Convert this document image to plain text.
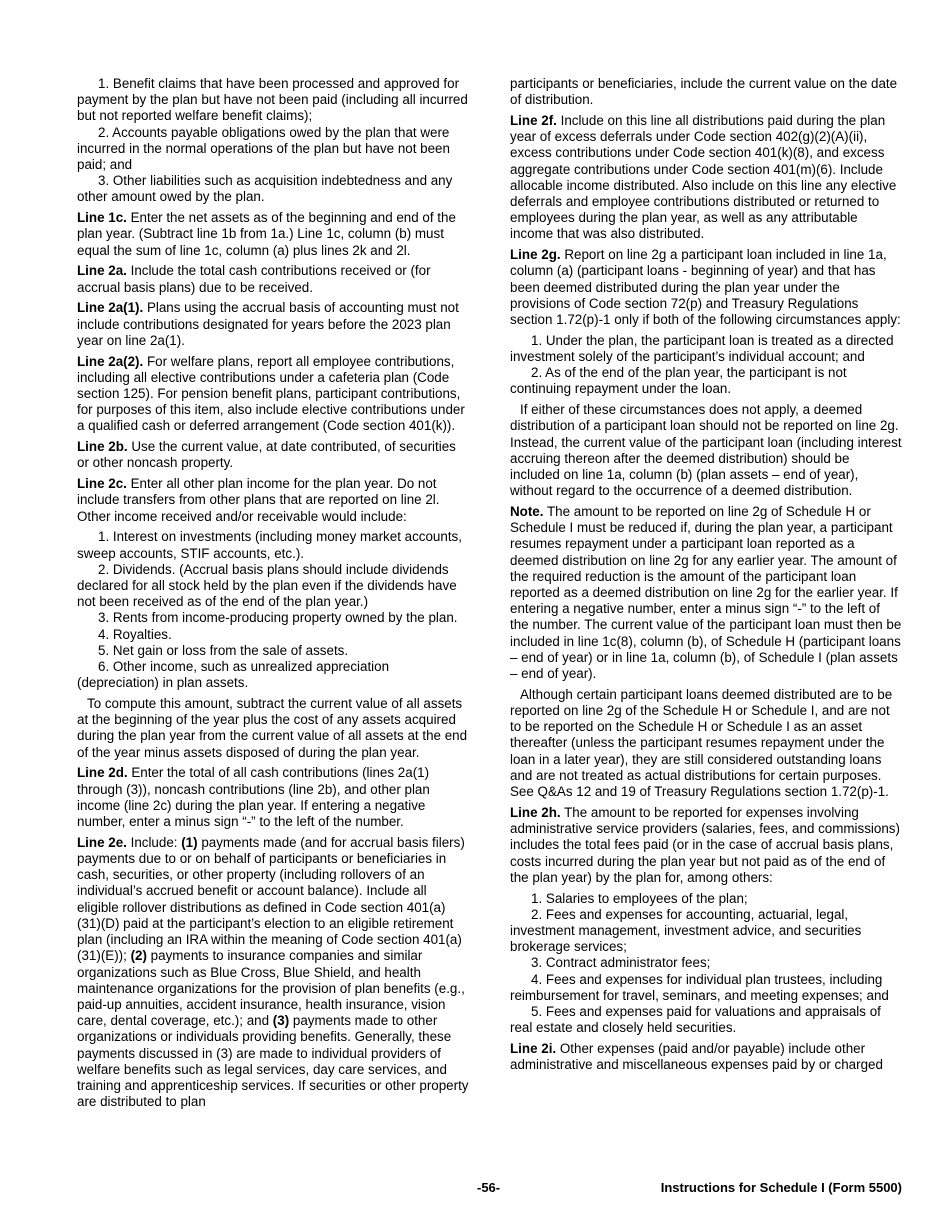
1. Benefit claims that have been processed and approved for payment by the plan but have not been paid (including all incurred but not reported welfare benefit claims);

2. Accounts payable obligations owed by the plan that were incurred in the normal operations of the plan but have not been paid; and

3. Other liabilities such as acquisition indebtedness and any other amount owed by the plan.

Line 1c. Enter the net assets as of the beginning and end of the plan year. (Subtract line 1b from 1a.) Line 1c, column (b) must equal the sum of line 1c, column (a) plus lines 2k and 2l.

Line 2a. Include the total cash contributions received or (for accrual basis plans) due to be received.

Line 2a(1). Plans using the accrual basis of accounting must not include contributions designated for years before the 2023 plan year on line 2a(1).

Line 2a(2). For welfare plans, report all employee contributions, including all elective contributions under a cafeteria plan (Code section 125). For pension benefit plans, participant contributions, for purposes of this item, also include elective contributions under a qualified cash or deferred arrangement (Code section 401(k)).

Line 2b. Use the current value, at date contributed, of securities or other noncash property.

Line 2c. Enter all other plan income for the plan year. Do not include transfers from other plans that are reported on line 2l. Other income received and/or receivable would include:

1. Interest on investments (including money market accounts, sweep accounts, STIF accounts, etc.).

2. Dividends. (Accrual basis plans should include dividends declared for all stock held by the plan even if the dividends have not been received as of the end of the plan year.)

3. Rents from income-producing property owned by the plan.

4. Royalties.

5. Net gain or loss from the sale of assets.

6. Other income, such as unrealized appreciation (depreciation) in plan assets.

To compute this amount, subtract the current value of all assets at the beginning of the year plus the cost of any assets acquired during the plan year from the current value of all assets at the end of the year minus assets disposed of during the plan year.

Line 2d. Enter the total of all cash contributions (lines 2a(1) through (3)), noncash contributions (line 2b), and other plan income (line 2c) during the plan year. If entering a negative number, enter a minus sign “-” to the left of the number.

Line 2e. Include: (1) payments made (and for accrual basis filers) payments due to or on behalf of participants or beneficiaries in cash, securities, or other property (including rollovers of an individual’s accrued benefit or account balance). Include all eligible rollover distributions as defined in Code section 401(a)(31)(D) paid at the participant’s election to an eligible retirement plan (including an IRA within the meaning of Code section 401(a)(31)(E)); (2) payments to insurance companies and similar organizations such as Blue Cross, Blue Shield, and health maintenance organizations for the provision of plan benefits (e.g., paid-up annuities, accident insurance, health insurance, vision care, dental coverage, etc.); and (3) payments made to other organizations or individuals providing benefits. Generally, these payments discussed in (3) are made to individual providers of welfare benefits such as legal services, day care services, and training and apprenticeship services. If securities or other property are distributed to plan

participants or beneficiaries, include the current value on the date of distribution.

Line 2f. Include on this line all distributions paid during the plan year of excess deferrals under Code section 402(g)(2)(A)(ii), excess contributions under Code section 401(k)(8), and excess aggregate contributions under Code section 401(m)(6). Include allocable income distributed. Also include on this line any elective deferrals and employee contributions distributed or returned to employees during the plan year, as well as any attributable income that was also distributed.

Line 2g. Report on line 2g a participant loan included in line 1a, column (a) (participant loans - beginning of year) and that has been deemed distributed during the plan year under the provisions of Code section 72(p) and Treasury Regulations section 1.72(p)-1 only if both of the following circumstances apply:

1. Under the plan, the participant loan is treated as a directed investment solely of the participant’s individual account; and

2. As of the end of the plan year, the participant is not continuing repayment under the loan.

If either of these circumstances does not apply, a deemed distribution of a participant loan should not be reported on line 2g. Instead, the current value of the participant loan (including interest accruing thereon after the deemed distribution) should be included on line 1a, column (b) (plan assets – end of year), without regard to the occurrence of a deemed distribution.

Note. The amount to be reported on line 2g of Schedule H or Schedule I must be reduced if, during the plan year, a participant resumes repayment under a participant loan reported as a deemed distribution on line 2g for any earlier year. The amount of the required reduction is the amount of the participant loan reported as a deemed distribution on line 2g for the earlier year. If entering a negative number, enter a minus sign “-” to the left of the number. The current value of the participant loan must then be included in line 1c(8), column (b), of Schedule H (participant loans – end of year) or in line 1a, column (b), of Schedule I (plan assets – end of year).

Although certain participant loans deemed distributed are to be reported on line 2g of the Schedule H or Schedule I, and are not to be reported on the Schedule H or Schedule I as an asset thereafter (unless the participant resumes repayment under the loan in a later year), they are still considered outstanding loans and are not treated as actual distributions for certain purposes. See Q&As 12 and 19 of Treasury Regulations section 1.72(p)-1.

Line 2h. The amount to be reported for expenses involving administrative service providers (salaries, fees, and commissions) includes the total fees paid (or in the case of accrual basis plans, costs incurred during the plan year but not paid as of the end of the plan year) by the plan for, among others:

1. Salaries to employees of the plan;

2. Fees and expenses for accounting, actuarial, legal, investment management, investment advice, and securities brokerage services;

3. Contract administrator fees;

4. Fees and expenses for individual plan trustees, including reimbursement for travel, seminars, and meeting expenses; and

5. Fees and expenses paid for valuations and appraisals of real estate and closely held securities.

Line 2i. Other expenses (paid and/or payable) include other administrative and miscellaneous expenses paid by or charged

-56-	Instructions for Schedule I (Form 5500)
